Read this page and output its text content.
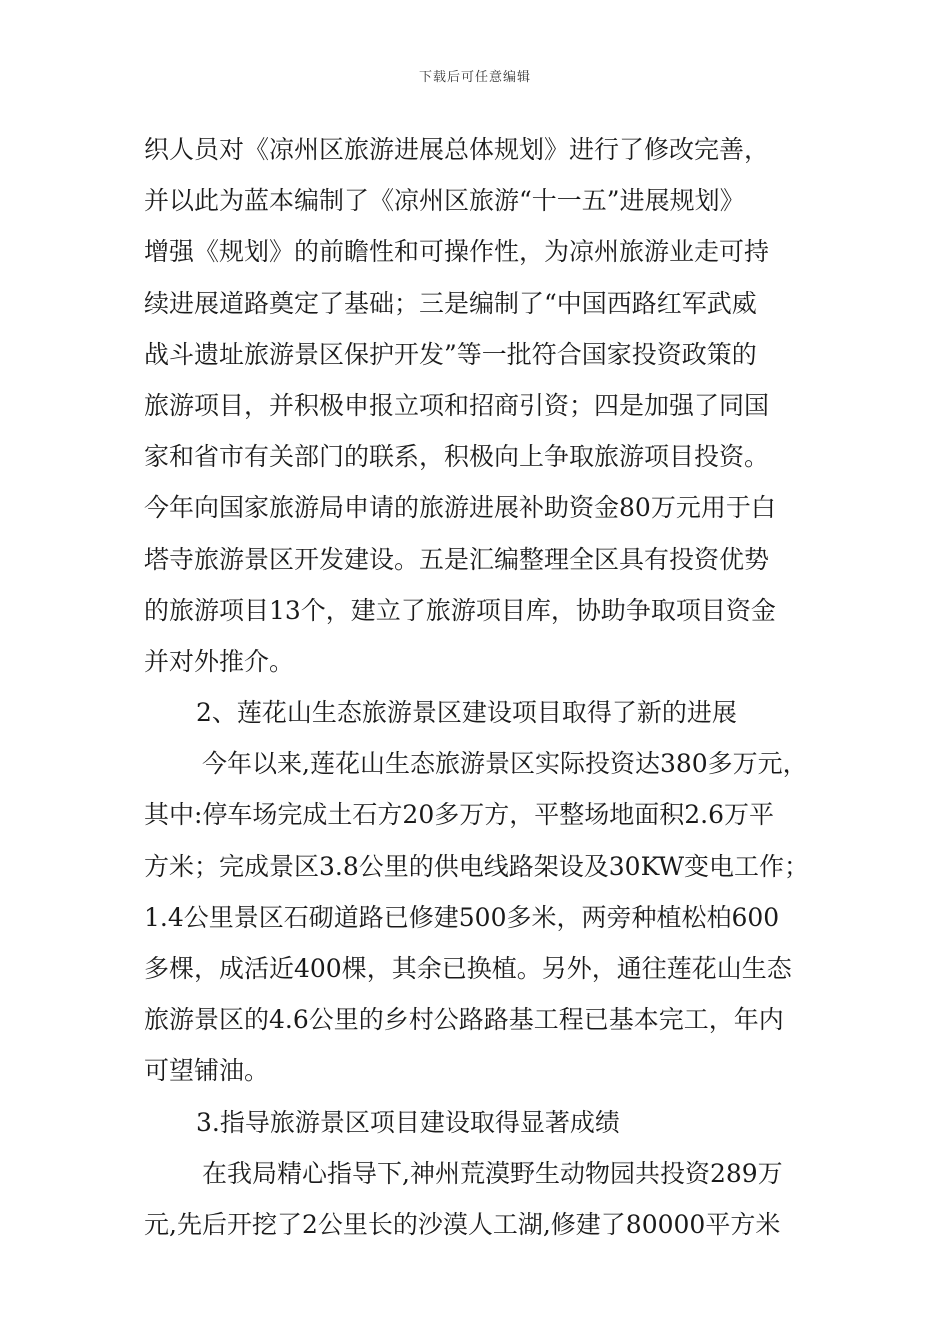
下载后可任意编辑
织人员对《凉州区旅游进展总体规划》进行了修改完善，
并以此为蓝本编制了《凉州区旅游“十一五”进展规划》
增强《规划》的前瞻性和可操作性，为凉州旅游业走可持
续进展道路奠定了基础；三是编制了“中国西路红军武威
战斗遗址旅游景区保护开发”等一批符合国家投资政策的
旅游项目，并积极申报立项和招商引资；四是加强了同国
家和省市有关部门的联系，积极向上争取旅游项目投资。
今年向国家旅游局申请的旅游进展补助资金80万元用于白
塔寺旅游景区开发建设。五是汇编整理全区具有投资优势
的旅游项目13个，建立了旅游项目库，协助争取项目资金
并对外推介。
2、莲花山生态旅游景区建设项目取得了新的进展
今年以来,莲花山生态旅游景区实际投资达380多万元，
其中:停车场完成土石方20多万方，平整场地面积2.6万平
方米；完成景区3.8公里的供电线路架设及30KW变电工作；
1.4公里景区石砌道路已修建500多米，两旁种植松柏600
多棵，成活近400棵，其余已换植。另外，通往莲花山生态
旅游景区的4.6公里的乡村公路路基工程已基本完工，年内
可望铺油。
3.指导旅游景区项目建设取得显著成绩
在我局精心指导下,神州荒漠野生动物园共投资289万
元,先后开挖了2公里长的沙漠人工湖,修建了80000平方米
